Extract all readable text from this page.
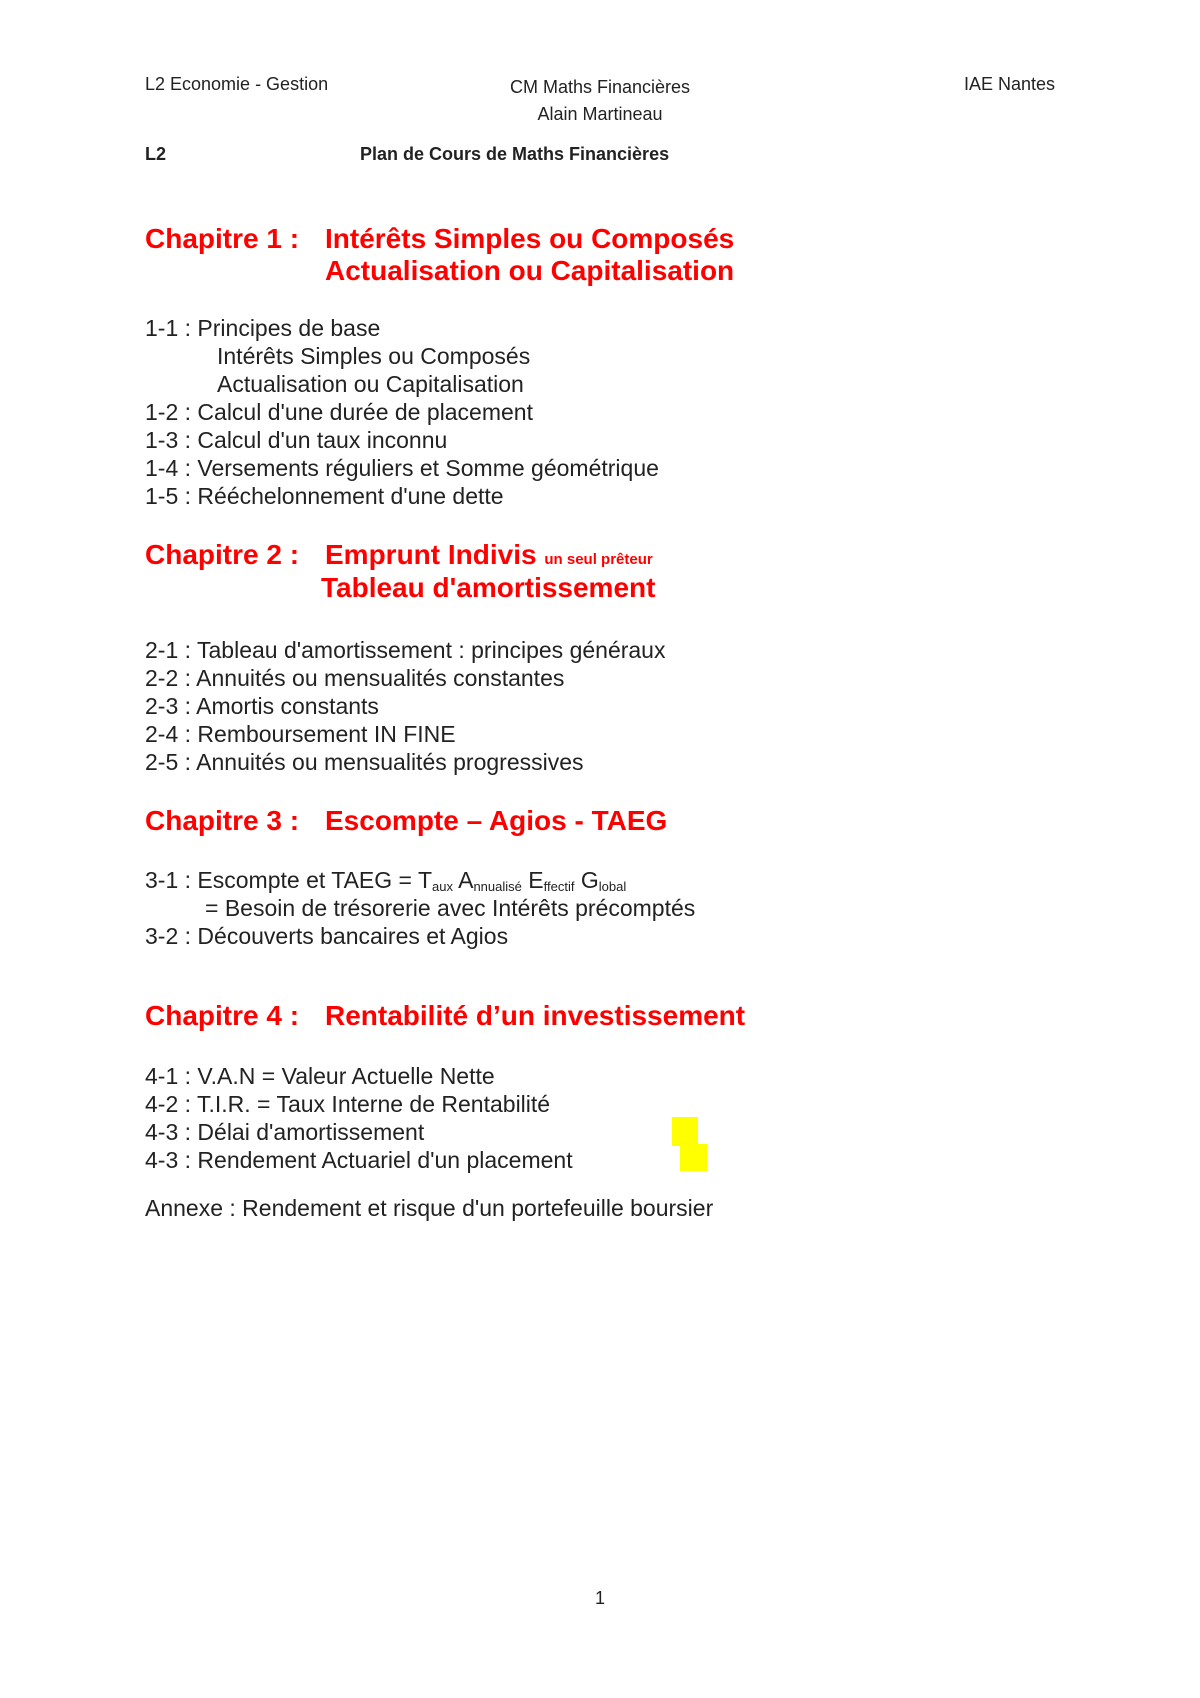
L2 Economie - Gestion	CM Maths Financières
Alain Martineau
IAE Nantes
L2	Plan de Cours de Maths Financières
Chapitre 1 : Intérêts Simples ou Composés
Actualisation ou Capitalisation
1-1 : Principes de base
Intérêts Simples ou Composés
Actualisation ou Capitalisation
1-2 : Calcul d'une durée de placement
1-3 : Calcul d'un taux inconnu
1-4 : Versements réguliers et Somme géométrique
1-5 : Rééchelonnement d'une dette
Chapitre 2 : Emprunt Indivis un seul prêteur
Tableau d'amortissement
2-1 : Tableau d'amortissement : principes généraux
2-2 : Annuités ou mensualités constantes
2-3 : Amortis constants
2-4 : Remboursement IN FINE
2-5 : Annuités ou mensualités progressives
Chapitre 3 : Escompte – Agios - TAEG
3-1 : Escompte et TAEG = $T_{aux}$ $A_{nnualisé}$ $E_{ffectif}$ $G_{lobal}$
= Besoin de trésorerie avec Intérêts précomptés
3-2 : Découverts bancaires et Agios
Chapitre 4 : Rentabilité d’un investissement
4-1 : V.A.N = Valeur Actuelle Nette
4-2 : T.I.R. = Taux Interne de Rentabilité
4-3 : Délai d'amortissement
4-3 : Rendement Actuariel d'un placement
Annexe : Rendement et risque d'un portefeuille boursier
1
